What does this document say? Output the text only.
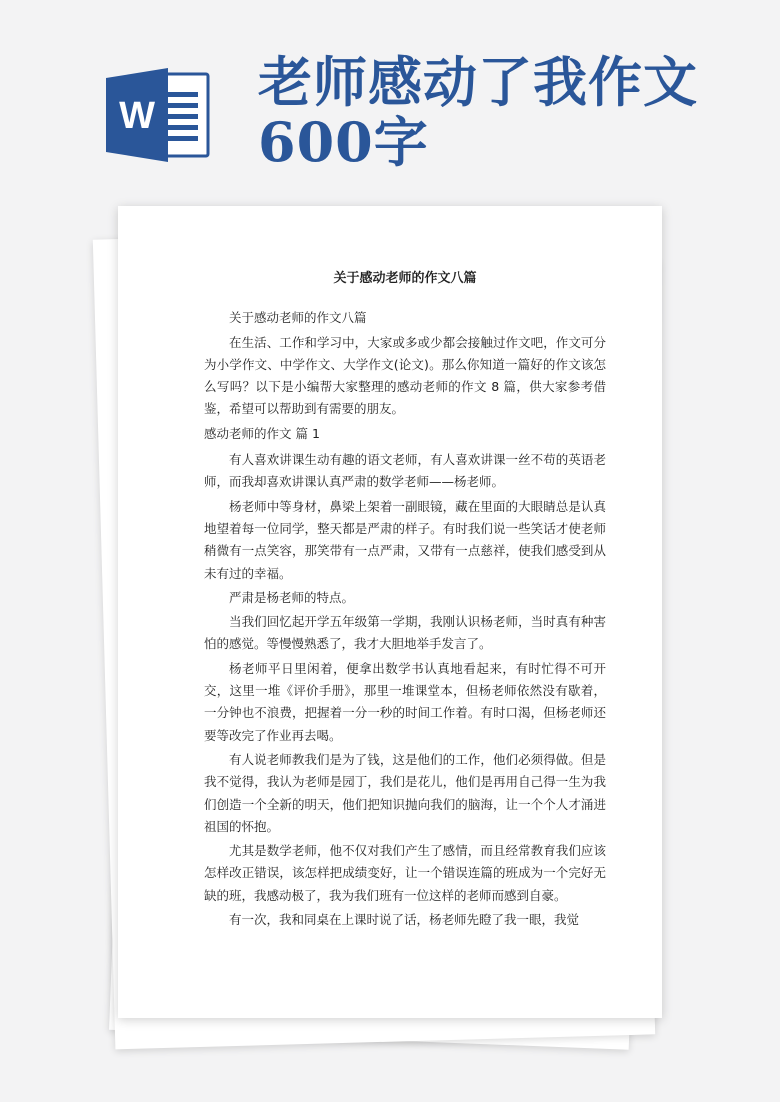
W
老师感动了我作文
600字
关于感动老师的作文八篇

关于感动老师的作文八篇

在生活、工作和学习中，大家或多或少都会接触过作文吧，作文可分为小学作文、中学作文、大学作文(论文)。那么你知道一篇好的作文该怎么写吗？以下是小编帮大家整理的感动老师的作文 8 篇，供大家参考借鉴，希望可以帮助到有需要的朋友。

感动老师的作文 篇 1

有人喜欢讲课生动有趣的语文老师，有人喜欢讲课一丝不苟的英语老师，而我却喜欢讲课认真严肃的数学老师——杨老师。

杨老师中等身材，鼻梁上架着一副眼镜，藏在里面的大眼睛总是认真地望着每一位同学，整天都是严肃的样子。有时我们说一些笑话才使老师稍微有一点笑容，那笑带有一点严肃，又带有一点慈祥，使我们感受到从未有过的幸福。

严肃是杨老师的特点。

当我们回忆起开学五年级第一学期，我刚认识杨老师，当时真有种害怕的感觉。等慢慢熟悉了，我才大胆地举手发言了。

杨老师平日里闲着，便拿出数学书认真地看起来，有时忙得不可开交，这里一堆《评价手册》，那里一堆课堂本，但杨老师依然没有歇着，一分钟也不浪费，把握着一分一秒的时间工作着。有时口渴，但杨老师还要等改完了作业再去喝。

有人说老师教我们是为了钱，这是他们的工作，他们必须得做。但是我不觉得，我认为老师是园丁，我们是花儿，他们是再用自己得一生为我们创造一个全新的明天，他们把知识抛向我们的脑海，让一个个人才涌进祖国的怀抱。

尤其是数学老师，他不仅对我们产生了感情，而且经常教育我们应该怎样改正错误，该怎样把成绩变好，让一个错误连篇的班成为一个完好无缺的班，我感动极了，我为我们班有一位这样的老师而感到自豪。

有一次，我和同桌在上课时说了话，杨老师先瞪了我一眼，我觉
